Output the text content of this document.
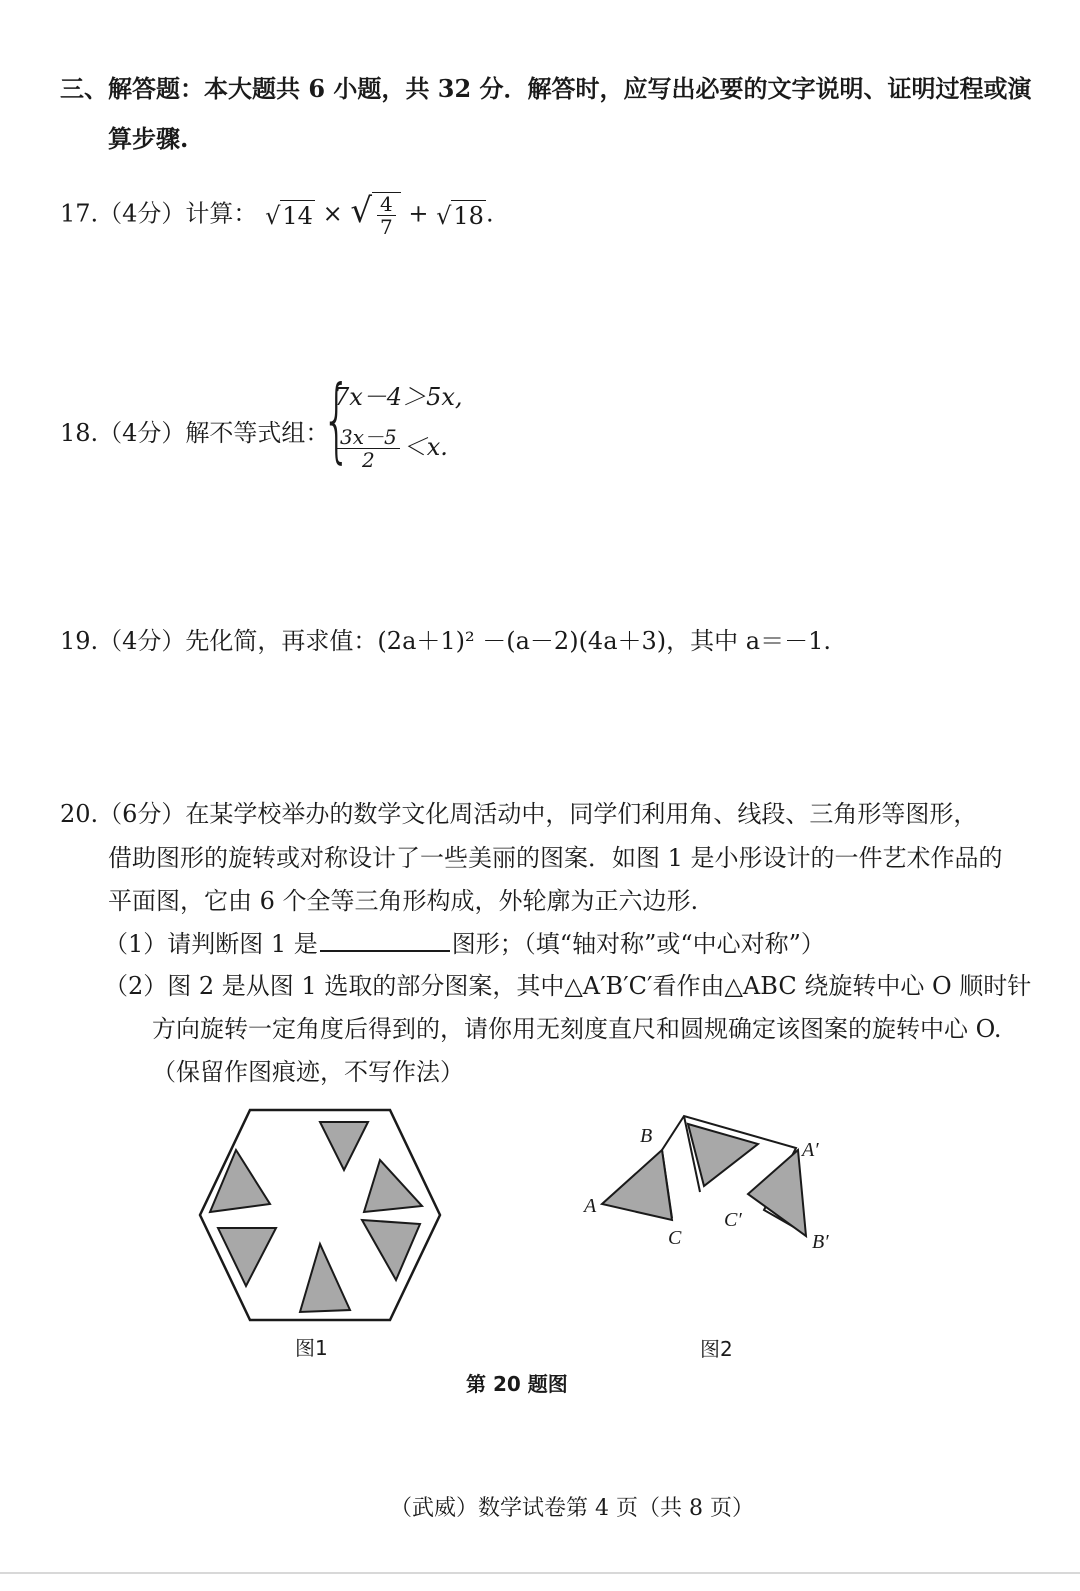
三、解答题：本大题共 6 小题，共 32 分．解答时，应写出必要的文字说明、证明过程或演
算步骤.
17.（4分）计算： √14 × √ $\frac{4}{7} + √18$.
18.（4分）解不等式组：
{
7x－4＞5x,
$\frac{3x-5}{2} <x$.
19.（4分）先化简，再求值：(2a＋1)² －(a－2)(4a＋3)，其中 a＝－1.
20.（6分）在某学校举办的数学文化周活动中，同学们利用角、线段、三角形等图形，
借助图形的旋转或对称设计了一些美丽的图案．如图 1 是小彤设计的一件艺术作品的
平面图，它由 6 个全等三角形构成，外轮廓为正六边形.
（1）请判断图 1 是	图形；（填“轴对称”或“中心对称”）
（2）图 2 是从图 1 选取的部分图案，其中△A′B′C′看作由△ABC 绕旋转中心 O 顺时针
方向旋转一定角度后得到的，请你用无刻度直尺和圆规确定该图案的旋转中心 O.
（保留作图痕迹，不写作法）
图1
B
A
C
A′
C′
B′
图2
第 20 题图
（武威）数学试卷第 4 页（共 8 页）
